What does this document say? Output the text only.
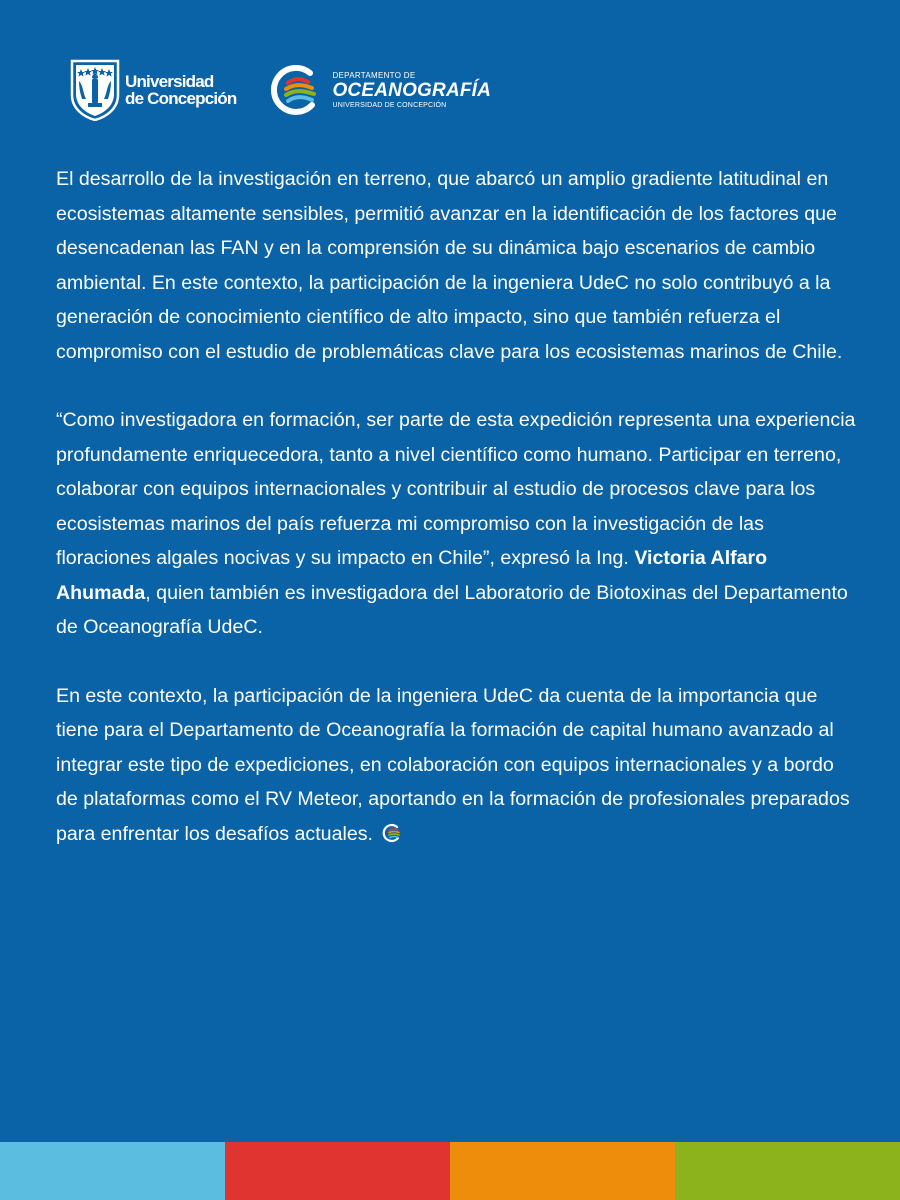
Universidad
de Concepción
DEPARTAMENTO DE
OCEANOGRAFÍA
UNIVERSIDAD DE CONCEPCIÓN

El desarrollo de la investigación en terreno, que abarcó un amplio gradiente latitudinal en ecosistemas altamente sensibles, permitió avanzar en la identificación de los factores que desencadenan las FAN y en la comprensión de su dinámica bajo escenarios de cambio ambiental. En este contexto, la participación de la ingeniera UdeC no solo contribuyó a la generación de conocimiento científico de alto impacto, sino que también refuerza el compromiso con el estudio de problemáticas clave para los ecosistemas marinos de Chile.

“Como investigadora en formación, ser parte de esta expedición representa una experiencia profundamente enriquecedora, tanto a nivel científico como humano. Participar en terreno, colaborar con equipos internacionales y contribuir al estudio de procesos clave para los ecosistemas marinos del país refuerza mi compromiso con la investigación de las floraciones algales nocivas y su impacto en Chile”, expresó la Ing. Victoria Alfaro Ahumada, quien también es investigadora del Laboratorio de Biotoxinas del Departamento de Oceanografía UdeC.

En este contexto, la participación de la ingeniera UdeC da cuenta de la importancia que tiene para el Departamento de Oceanografía la formación de capital humano avanzado al integrar este tipo de expediciones, en colaboración con equipos internacionales y a bordo de plataformas como el RV Meteor, aportando en la formación de profesionales preparados para enfrentar los desafíos actuales.
